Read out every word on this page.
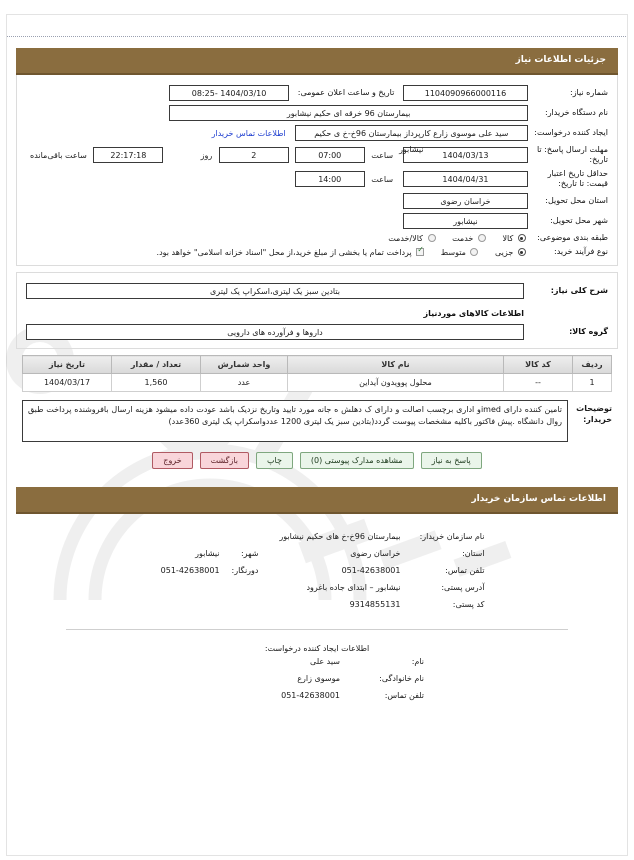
جزئیات اطلاعات نیاز
شماره نیاز:	1104090966000116	تاریخ و ساعت اعلان عمومی:	1404/03/10 -08:25	

نام دستگاه خریدار:	بیمارستان 96 خرقه ای حکیم نیشابور			

ایجاد کننده درخواست:	سید علی موسوی زارع کارپرداز بیمارستان 96خ-خ ی حکیم نیشابور		اطلاعات تماس خریدار	
مهلت ارسال پاسخ: تا تاریخ:	1404/03/13	ساعت 07:00	2 روز	22:17:18 ساعت باقی‌مانده
حداقل تاریخ اعتبار قیمت: تا تاریخ:	1404/04/31	ساعت 14:00		
استان محل تحویل:	خراسان رضوی			

شهر محل تحویل:	نیشابور			

طبقه بندی موضوعی:	کالا  خدمت  کالا/خدمت			
نوع فرآیند خرید:	جزیی  متوسط ✓ پرداخت تمام یا بخشی از مبلغ خرید،از محل "اسناد خزانه اسلامی" خواهد بود.
شرح کلی نیاز:	بتادین سبز یک لیتری،اسکراپ یک لیتری

	اطلاعات کالاهای موردنیاز
گروه کالا:	داروها و فرآورده های دارویی
ردیف	کد کالا	نام کالا	واحد شمارش	تعداد / مقدار	تاریخ نیاز
1	--	محلول پوویدون آیداین	عدد	1,560	1404/03/17
توضیحات خریدار:
تامین کننده دارای imedو اداری برچسب اصالت و دارای ک دهلش ه جانه مورد تایید وتاریخ نزدیک باشد عودت داده میشود هزینه ارسال بافروشنده پرداخت طبق روال دانشگاه .پیش فاکتور باکلیه مشخصات پیوست گردد(بتادین سبز یک لیتری 1200 عددواسکراپ یک لیتری 360عدد)
پاسخ به نیاز
مشاهده مدارک پیوستی (0)
چاپ
بازگشت
خروج
اطلاعات تماس سازمان خریدار
نام سازمان خریدار:	بیمارستان 96خ-خ های حکیم نیشابور		
استان:	خراسان رضوی	شهر:	نیشابور
تلفن تماس:	051-42638001	دورنگار:	051-42638001
آدرس پستی:	نیشابور – ابتدای جاده باغرود		
کد پستی:	9314855131		
اطلاعات ایجاد کننده درخواست:
نام:	سید علی
نام خانوادگی:	موسوی زارع
تلفن تماس:	051-42638001
